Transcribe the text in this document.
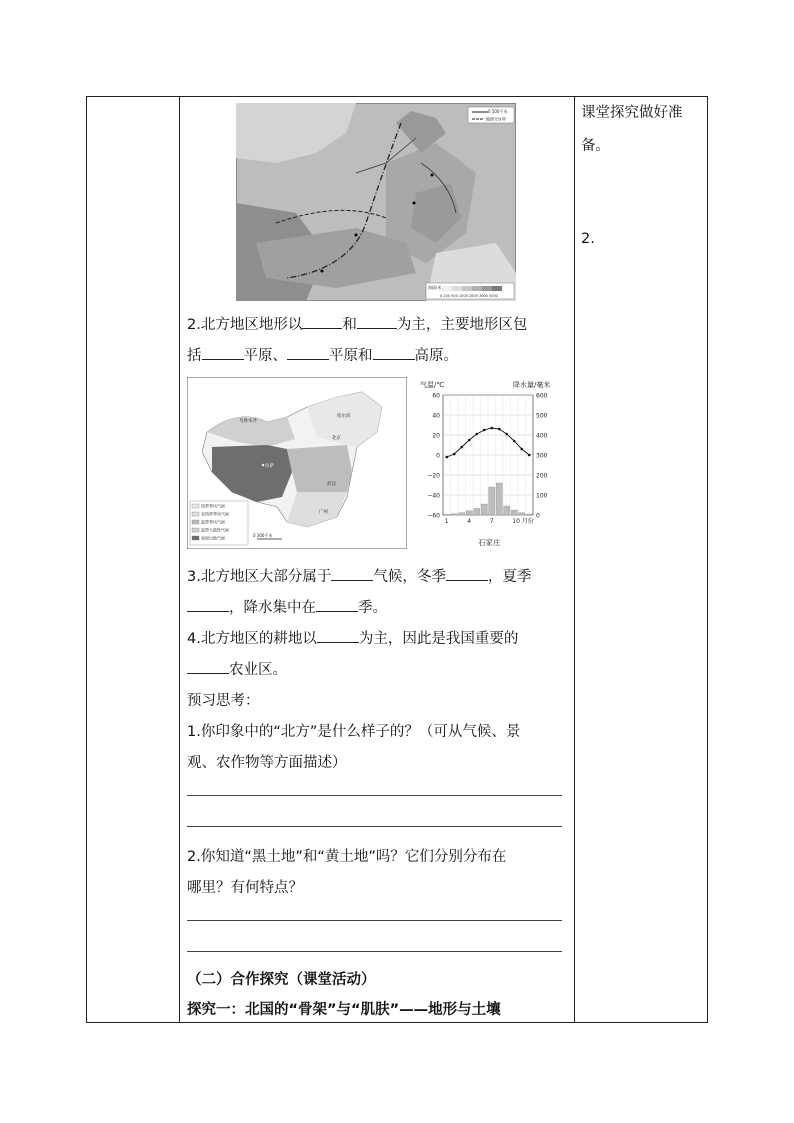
课堂探究做好准
备。
2.
0 500千米
地理分区界
海拔/米
0 200 500 1000 2000 3000 5000
2.北方地区地形以	和	为主，主要地形区包
括	平原、	平原和	高原。
拉萨
哈尔滨
北京
武汉
广州
乌鲁木齐
热带季风气候
亚热带季风气候
温带季风气候
温带大陆性气候
高原山地气候	0 300千米
气温/℃	降水量/毫米
60
40
20
0
−20
−40
−60
600
500
400
300
200
100
0
1	4	7	10 月份
石家庄
3.北方地区大部分属于	气候，冬季	，夏季
，降水集中在	季。
4.北方地区的耕地以	为主，因此是我国重要的
农业区。
预习思考：
1.你印象中的“北方”是什么样子的？（可从气候、景
观、农作物等方面描述）
2.你知道“黑土地”和“黄土地”吗？它们分别分布在
哪里？有何特点？
（二）合作探究（课堂活动）
探究一：北国的“骨架”与“肌肤”——地形与土壤
